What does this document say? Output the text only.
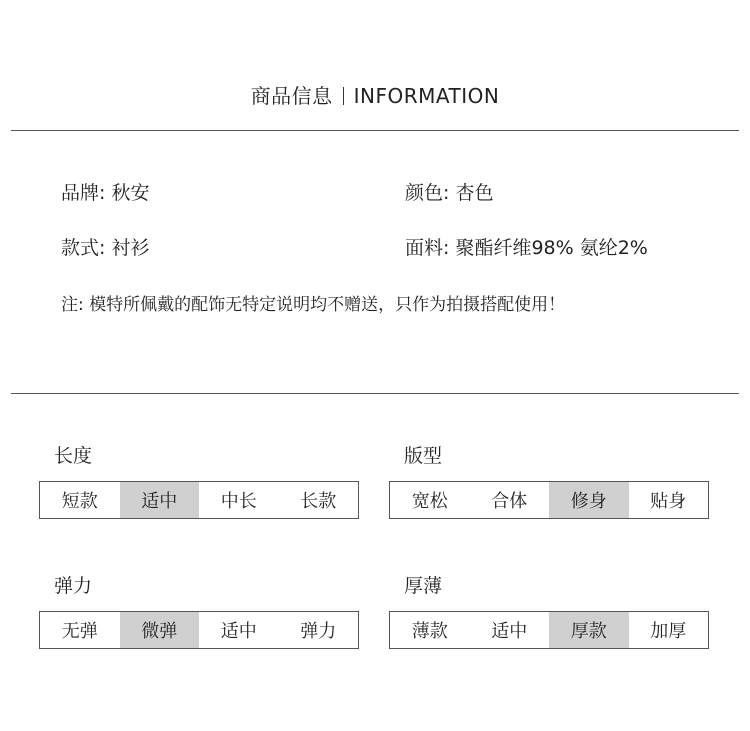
商品信息 INFORMATION
品牌: 秋安	颜色: 杏色
款式: 衬衫	面料: 聚酯纤维98% 氨纶2%
注: 模特所佩戴的配饰无特定说明均不赠送，只作为拍摄搭配使用！
长度
短款	适中	中长	长款
版型
宽松	合体	修身	贴身
弹力
无弹	微弹	适中	弹力
厚薄
薄款	适中	厚款	加厚
